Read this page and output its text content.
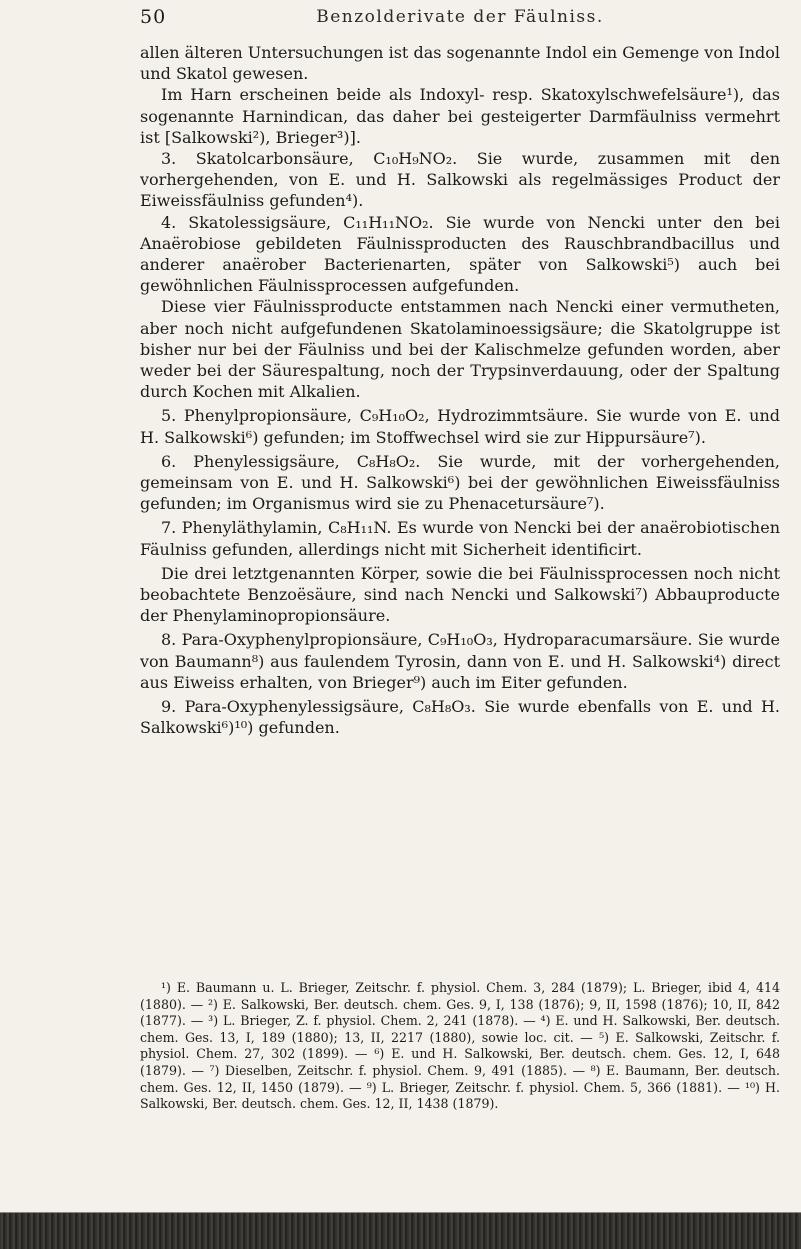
50	Benzolderivate der Fäulniss.

allen älteren Untersuchungen ist das sogenannte Indol ein Gemenge von Indol und Skatol gewesen.

Im Harn erscheinen beide als Indoxyl- resp. Skatoxylschwefelsäure¹), das sogenannte Harnindican, das daher bei gesteigerter Darmfäulniss vermehrt ist [Salkowski²), Brieger³)].

3. Skatolcarbonsäure, C₁₀H₉NO₂. Sie wurde, zusammen mit den vorhergehenden, von E. und H. Salkowski als regelmässiges Product der Eiweissfäulniss gefunden⁴).

4. Skatolessigsäure, C₁₁H₁₁NO₂. Sie wurde von Nencki unter den bei Anaërobiose gebildeten Fäulnissproducten des Rauschbrandbacillus und anderer anaërober Bacterienarten, später von Salkowski⁵) auch bei gewöhnlichen Fäulnissprocessen aufgefunden.

Diese vier Fäulnissproducte entstammen nach Nencki einer vermutheten, aber noch nicht aufgefundenen Skatolaminoessigsäure; die Skatolgruppe ist bisher nur bei der Fäulniss und bei der Kalischmelze gefunden worden, aber weder bei der Säurespaltung, noch der Trypsinverdauung, oder der Spaltung durch Kochen mit Alkalien.

5. Phenylpropionsäure, C₉H₁₀O₂, Hydrozimmtsäure. Sie wurde von E. und H. Salkowski⁶) gefunden; im Stoffwechsel wird sie zur Hippursäure⁷).

6. Phenylessigsäure, C₈H₈O₂. Sie wurde, mit der vorhergehenden, gemeinsam von E. und H. Salkowski⁶) bei der gewöhnlichen Eiweissfäulniss gefunden; im Organismus wird sie zu Phenacetursäure⁷).

7. Phenyläthylamin, C₈H₁₁N. Es wurde von Nencki bei der anaërobiotischen Fäulniss gefunden, allerdings nicht mit Sicherheit identificirt.

Die drei letztgenannten Körper, sowie die bei Fäulnissprocessen noch nicht beobachtete Benzoësäure, sind nach Nencki und Salkowski⁷) Abbauproducte der Phenylaminopropionsäure.

8. Para-Oxyphenylpropionsäure, C₉H₁₀O₃, Hydroparacumarsäure. Sie wurde von Baumann⁸) aus faulendem Tyrosin, dann von E. und H. Salkowski⁴) direct aus Eiweiss erhalten, von Brieger⁹) auch im Eiter gefunden.

9. Para-Oxyphenylessigsäure, C₈H₈O₃. Sie wurde ebenfalls von E. und H. Salkowski⁶)¹⁰) gefunden.

¹) E. Baumann u. L. Brieger, Zeitschr. f. physiol. Chem. 3, 284 (1879); L. Brieger, ibid 4, 414 (1880). — ²) E. Salkowski, Ber. deutsch. chem. Ges. 9, I, 138 (1876); 9, II, 1598 (1876); 10, II, 842 (1877). — ³) L. Brieger, Z. f. physiol. Chem. 2, 241 (1878). — ⁴) E. und H. Salkowski, Ber. deutsch. chem. Ges. 13, I, 189 (1880); 13, II, 2217 (1880), sowie loc. cit. — ⁵) E. Salkowski, Zeitschr. f. physiol. Chem. 27, 302 (1899). — ⁶) E. und H. Salkowski, Ber. deutsch. chem. Ges. 12, I, 648 (1879). — ⁷) Dieselben, Zeitschr. f. physiol. Chem. 9, 491 (1885). — ⁸) E. Baumann, Ber. deutsch. chem. Ges. 12, II, 1450 (1879). — ⁹) L. Brieger, Zeitschr. f. physiol. Chem. 5, 366 (1881). — ¹⁰) H. Salkowski, Ber. deutsch. chem. Ges. 12, II, 1438 (1879).
